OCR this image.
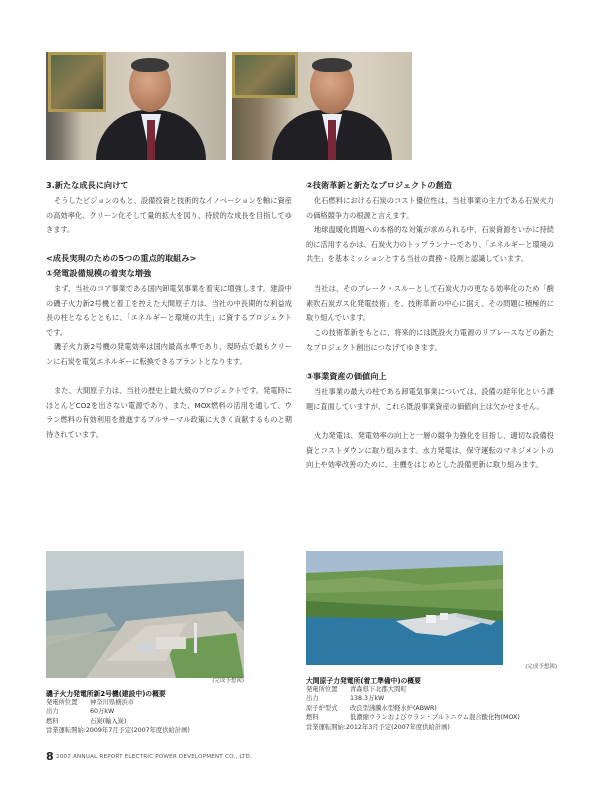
3.新たな成長に向けて
そうしたビジョンのもと、設備投資と技術的なイノベーションを軸に資産の高効率化、クリーン化そして量的拡大を図り、持続的な成長を目指してゆきます。
<成長実現のための5つの重点的取組み>
①発電設備規模の着実な増強
まず、当社のコア事業である国内卸電気事業を着実に増強します。建設中の磯子火力新2号機と着工を控えた大間原子力は、当社の中長期的な利益成長の柱となるとともに、「エネルギーと環境の共生」に資するプロジェクトです。
磯子火力新2号機の発電効率は国内最高水準であり、現時点で最もクリーンに石炭を電気エネルギーに転換できるプラントとなります。
また、大間原子力は、当社の歴史上最大級のプロジェクトです。発電時にほとんどCO2を出さない電源であり、また、MOX燃料の活用を通して、ウラン燃料の有効利用を推進するプルサーマル政策に大きく貢献するものと期待されています。
②技術革新と新たなプロジェクトの創造
化石燃料における石炭のコスト優位性は、当社事業の主力である石炭火力の価格競争力の根源と言えます。
地球温暖化問題への本格的な対策が求められる中、石炭資源をいかに持続的に活用するかは、石炭火力のトップランナーであり、「エネルギーと環境の共生」を基本ミッションとする当社の責務・役割と認識しています。
当社は、そのブレーク・スルーとして石炭火力の更なる効率化のため「酸素吹石炭ガス化発電技術」を、技術革新の中心に据え、その問題に積極的に取り組んでいます。
この技術革新をもとに、将来的には既設火力電源のリプレースなどの新たなプロジェクト創出につなげてゆきます。
③事業資産の価値向上
当社事業の最大の柱である卸電気事業については、設備の経年化という課題に直面していますが、これら既設事業資産の価値向上は欠かせません。
火力発電は、発電効率の向上と一層の競争力強化を目指し、適切な設備投資とコストダウンに取り組みます。水力発電は、保守運転のマネジメントの向上や効率改善のために、主機をはじめとした設備更新に取り組みます。
(完成予想図)
磯子火力発電所新2号機(建設中)の概要
発電所位置	神奈川県横浜市
出力	60万kW
燃料	石炭(輸入炭)
営業運転開始 :2009年7月予定(2007年度供給計画)
(完成予想図)
大間原子力発電所(着工準備中)の概要
発電所位置	青森県下北郡大間町
出力	138.3万kW
原子炉型式	改良型沸騰水型軽水炉(ABWR)
燃料	低濃縮ウランおよびウラン・プルトニウム混合酸化物(MOX)
営業運転開始 :2012年3月予定(2007年度供給計画)
8 2007 ANNUAL REPORT ELECTRIC POWER DEVELOPMENT CO., LTD.
